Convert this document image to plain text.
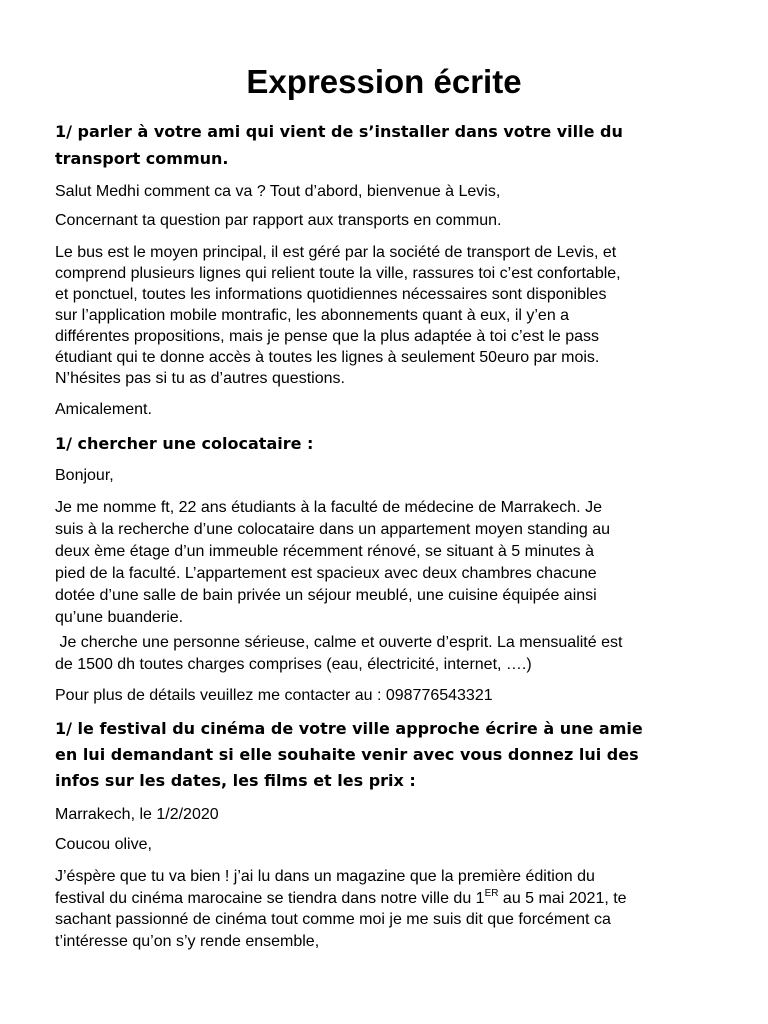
Expression écrite
1/ parler à votre ami qui vient de s’installer dans votre ville du
transport commun.

Salut Medhi comment ca va ? Tout d’abord, bienvenue à Levis,

Concernant ta question par rapport aux transports en commun.

Le bus est le moyen principal, il est géré par la société de transport de Levis, et
comprend plusieurs lignes qui relient toute la ville, rassures toi c’est confortable,
et ponctuel, toutes les informations quotidiennes nécessaires sont disponibles
sur l’application mobile montrafic, les abonnements quant à eux, il y’en a
différentes propositions, mais je pense que la plus adaptée à toi c’est le pass
étudiant qui te donne accès à toutes les lignes à seulement 50euro par mois.
N’hésites pas si tu as d’autres questions.

Amicalement.

1/ chercher une colocataire :

Bonjour,

Je me nomme ft, 22 ans étudiants à la faculté de médecine de Marrakech. Je
suis à la recherche d’une colocataire dans un appartement moyen standing au
deux ème étage d’un immeuble récemment rénové, se situant à 5 minutes à
pied de la faculté. L’appartement est spacieux avec deux chambres chacune
dotée d’une salle de bain privée un séjour meublé, une cuisine équipée ainsi
qu’une buanderie.
Je cherche une personne sérieuse, calme et ouverte d’esprit. La mensualité est
de 1500 dh toutes charges comprises (eau, électricité, internet, ….)

Pour plus de détails veuillez me contacter au : 098776543321

1/ le festival du cinéma de votre ville approche écrire à une amie
en lui demandant si elle souhaite venir avec vous donnez lui des
infos sur les dates, les films et les prix :

Marrakech, le 1/2/2020

Coucou olive,

J’éspère que tu va bien ! j’ai lu dans un magazine que la première édition du
festival du cinéma marocaine se tiendra dans notre ville du 1ER au 5 mai 2021, te
sachant passionné de cinéma tout comme moi je me suis dit que forcément ca
t’intéresse qu’on s’y rende ensemble,
